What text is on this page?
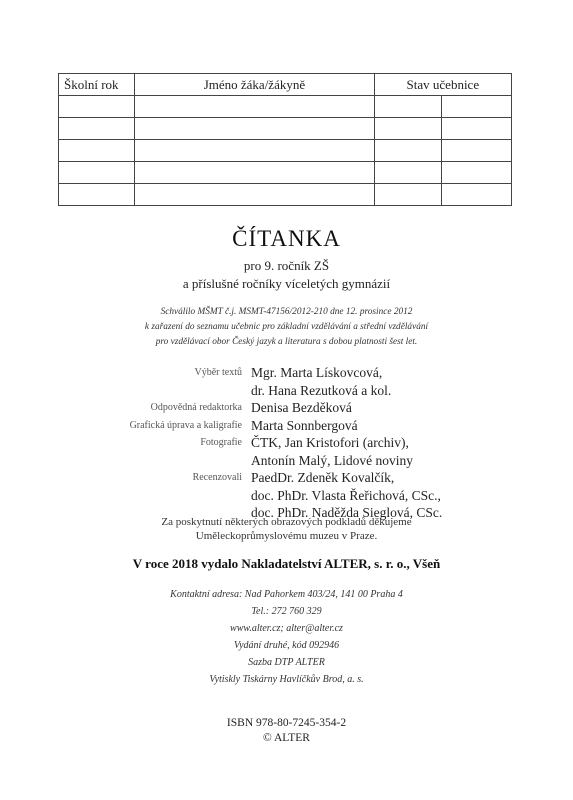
Školní rok	Jméno žáka/žákyně	Stav učebnice	

ČÍTANKA
pro 9. ročník ZŠ
a příslušné ročníky víceletých gymnázií
Schválilo MŠMT č.j. MSMT-47156/2012-210 dne 12. prosince 2012
k zařazení do seznamu učebnic pro základní vzdělávání a střední vzdělávání
pro vzdělávací obor Český jazyk a literatura s dobou platnosti šest let.
Výběr textů	Mgr. Marta Lískovcová,
dr. Hana Rezutková a kol.

Odpovědná redaktorka	Denisa Bezděková

Grafická úprava a kaligrafie	Marta Sonnbergová

Fotografie	ČTK, Jan Kristofori (archiv),
Antonín Malý, Lidové noviny

Recenzovali	PaedDr. Zdeněk Kovalčík,
doc. PhDr. Vlasta Řeřichová, CSc.,
doc. PhDr. Naděžda Sieglová, CSc.
Za poskytnutí některých obrazových podkladů děkujeme
Uměleckoprůmyslovému muzeu v Praze.
V roce 2018 vydalo Nakladatelství ALTER, s. r. o., Všeň
Kontaktní adresa: Nad Pahorkem 403/24, 141 00 Praha 4
Tel.: 272 760 329
www.alter.cz; alter@alter.cz
Vydání druhé, kód 092946
Sazba DTP ALTER
Vytiskly Tiskárny Havlíčkův Brod, a. s.
ISBN 978-80-7245-354-2
© ALTER
